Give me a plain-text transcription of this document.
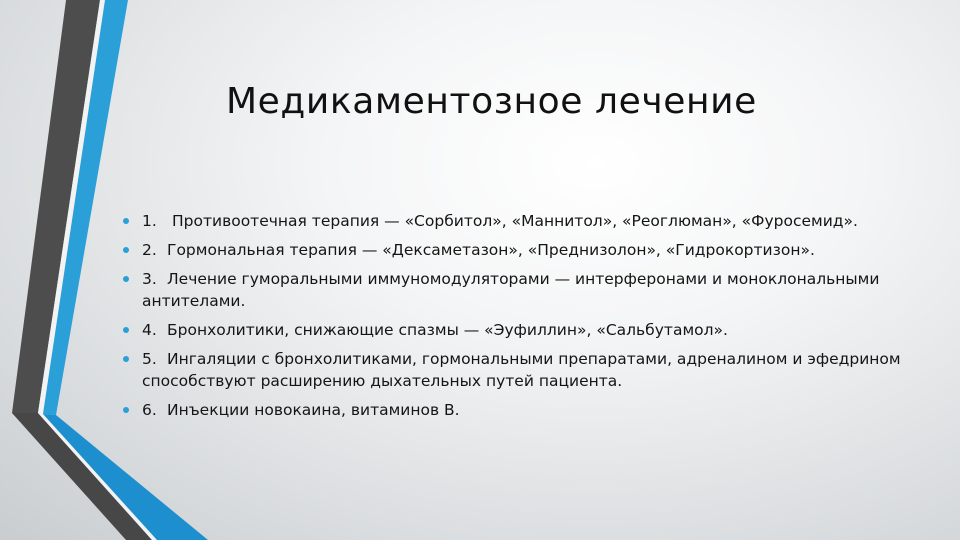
Медикаментозное лечение
1. Противоотечная терапия — «Сорбитол», «Маннитол», «Реоглюман», «Фуросемид».
2. Гормональная терапия — «Дексаметазон», «Преднизолон», «Гидрокортизон».
3. Лечение гуморальными иммуномодуляторами — интерферонами и моноклональными антителами.
4. Бронхолитики, снижающие спазмы — «Эуфиллин», «Сальбутамол».
5. Ингаляции с бронхолитиками, гормональными препаратами, адреналином и эфедрином способствуют расширению дыхательных путей пациента.
6. Инъекции новокаина, витаминов В.
